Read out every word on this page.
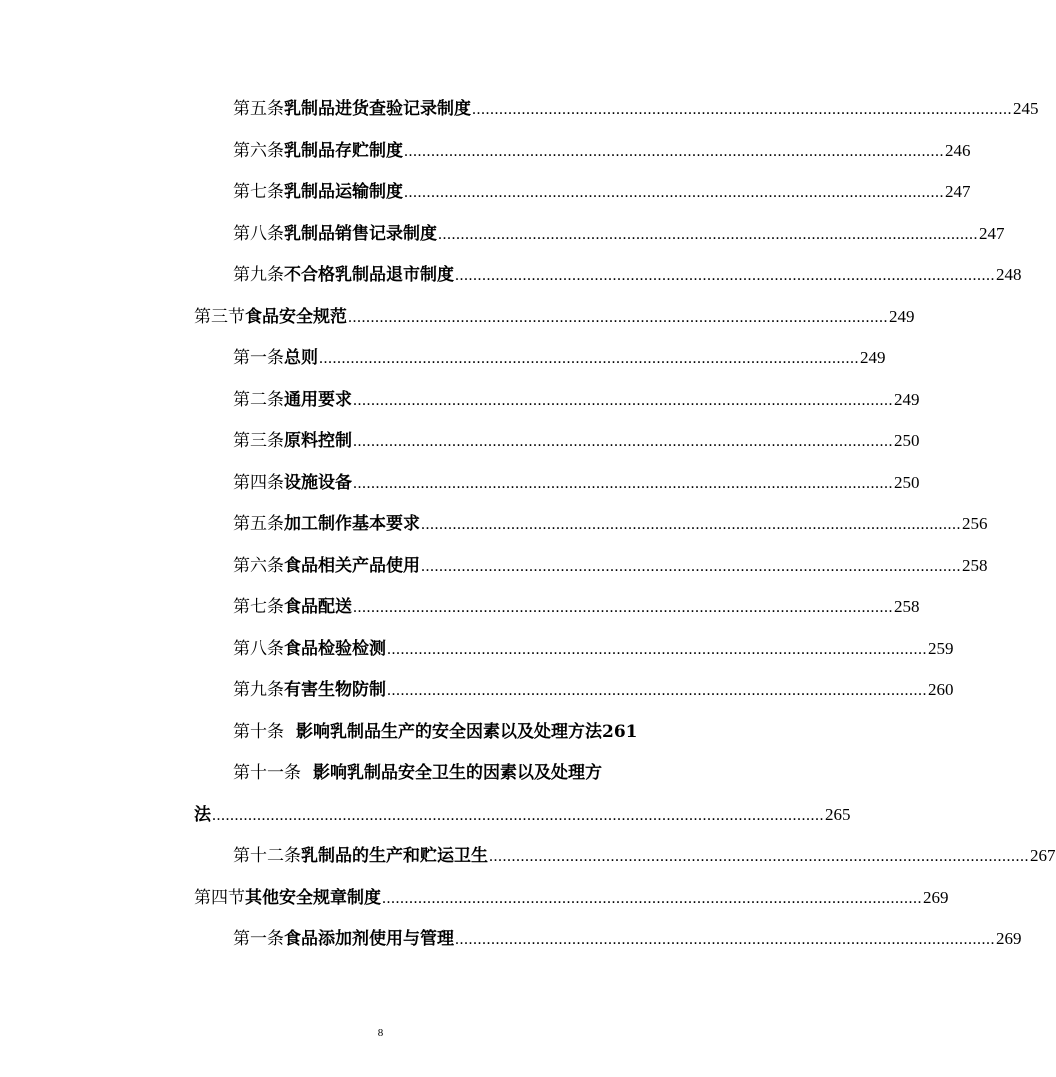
第五条 乳制品进货查验记录制度 ........................................................................................................................ 245
第六条 乳制品存贮制度 ........................................................................................................................ 246
第七条 乳制品运输制度 ........................................................................................................................ 247
第八条 乳制品销售记录制度 ........................................................................................................................ 247
第九条 不合格乳制品退市制度 ........................................................................................................................ 248
第三节 食品安全规范 ........................................................................................................................ 249
第一条 总则 ........................................................................................................................ 249
第二条 通用要求 ........................................................................................................................ 249
第三条 原料控制 ........................................................................................................................ 250
第四条 设施设备 ........................................................................................................................ 250
第五条 加工制作基本要求 ........................................................................................................................ 256
第六条 食品相关产品使用 ........................................................................................................................ 258
第七条 食品配送 ........................................................................................................................ 258
第八条 食品检验检测 ........................................................................................................................ 259
第九条 有害生物防制 ........................................................................................................................ 260
第十条 影响乳制品生产的安全因素以及处理方法261
第十一条 影响乳制品安全卫生的因素以及处理方
法 ........................................................................................................................................ 265
第十二条 乳制品的生产和贮运卫生 ........................................................................................................................ 267
第四节 其他安全规章制度 ........................................................................................................................ 269
第一条 食品添加剂使用与管理 ........................................................................................................................ 269
8
